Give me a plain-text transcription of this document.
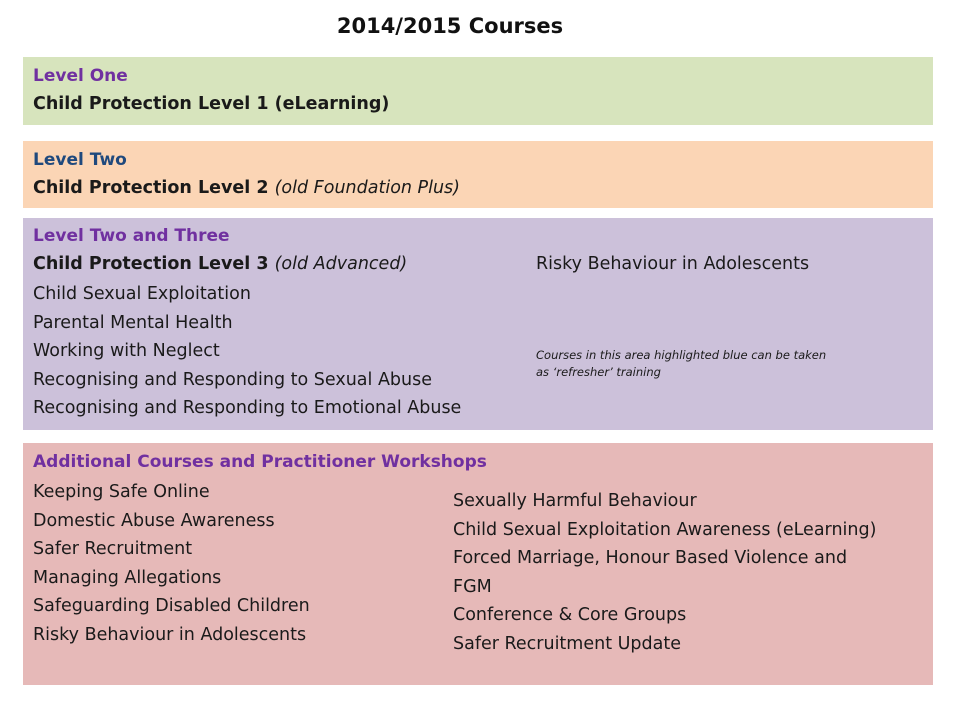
2014/2015 Courses
Level One
Child Protection Level 1 (eLearning)
Level Two
Child Protection Level 2 (old Foundation Plus)
Level Two and Three
Child Protection Level 3 (old Advanced)
Child Sexual Exploitation
Parental Mental Health
Working with Neglect
Recognising and Responding to Sexual Abuse
Recognising and Responding to Emotional Abuse
Risky Behaviour in Adolescents
Courses in this area highlighted blue can be taken
as ‘refresher’ training
Additional Courses and Practitioner Workshops
Keeping Safe Online
Domestic Abuse Awareness
Safer Recruitment
Managing Allegations
Safeguarding Disabled Children
Risky Behaviour in Adolescents
Sexually Harmful Behaviour
Child Sexual Exploitation Awareness (eLearning)
Forced Marriage, Honour Based Violence and
FGM
Conference & Core Groups
Safer Recruitment Update
